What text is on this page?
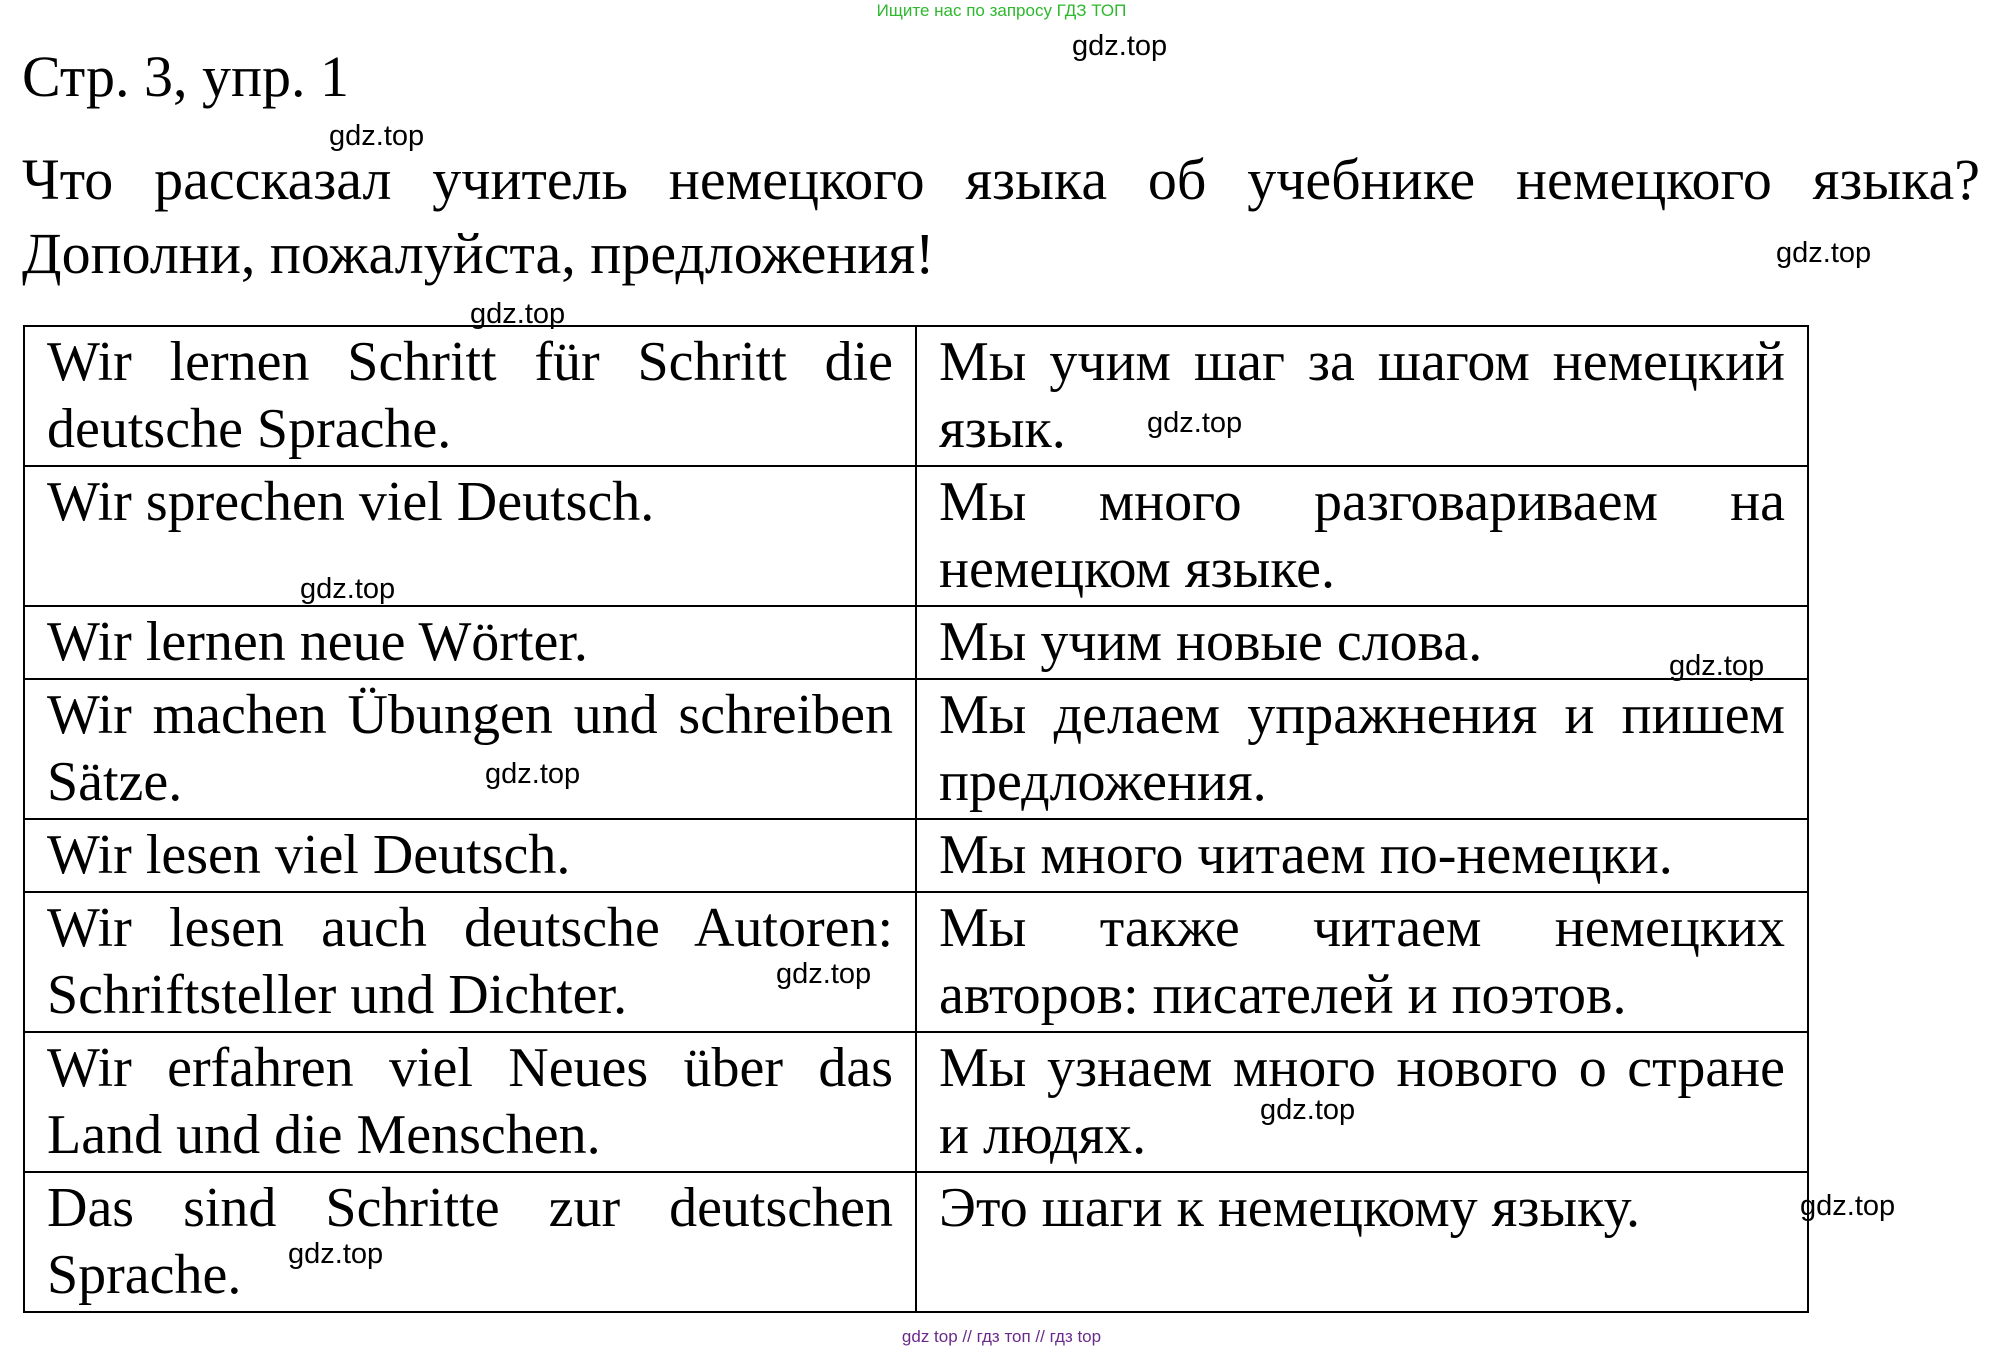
Ищите нас по запросу ГДЗ ТОП
Стр. 3, упр. 1
Что рассказал учитель немецкого языка об учебнике немецкого языка?
Дополни, пожалуйста, предложения!
Wir lernen Schritt für Schritt die deutsche Sprache.	Мы учим шаг за шагом немецкий язык.
Wir sprechen viel Deutsch.	Мы много разговариваем на немецком языке.
Wir lernen neue Wörter.	Мы учим новые слова.
Wir machen Übungen und schreiben Sätze.	Мы делаем упражнения и пишем предложения.
Wir lesen viel Deutsch.	Мы много читаем по-немецки.
Wir lesen auch deutsche Autoren: Schriftsteller und Dichter.	Мы также читаем немецких авторов: писателей и поэтов.
Wir erfahren viel Neues über das Land und die Menschen.	Мы узнаем много нового о стране и людях.
Das sind Schritte zur deutschen Sprache.	Это шаги к немецкому языку.
gdz.top
gdz.top
gdz.top
gdz.top
gdz.top
gdz.top
gdz.top
gdz.top
gdz.top
gdz.top
gdz.top
gdz.top
gdz top // гдз топ // гдз top
